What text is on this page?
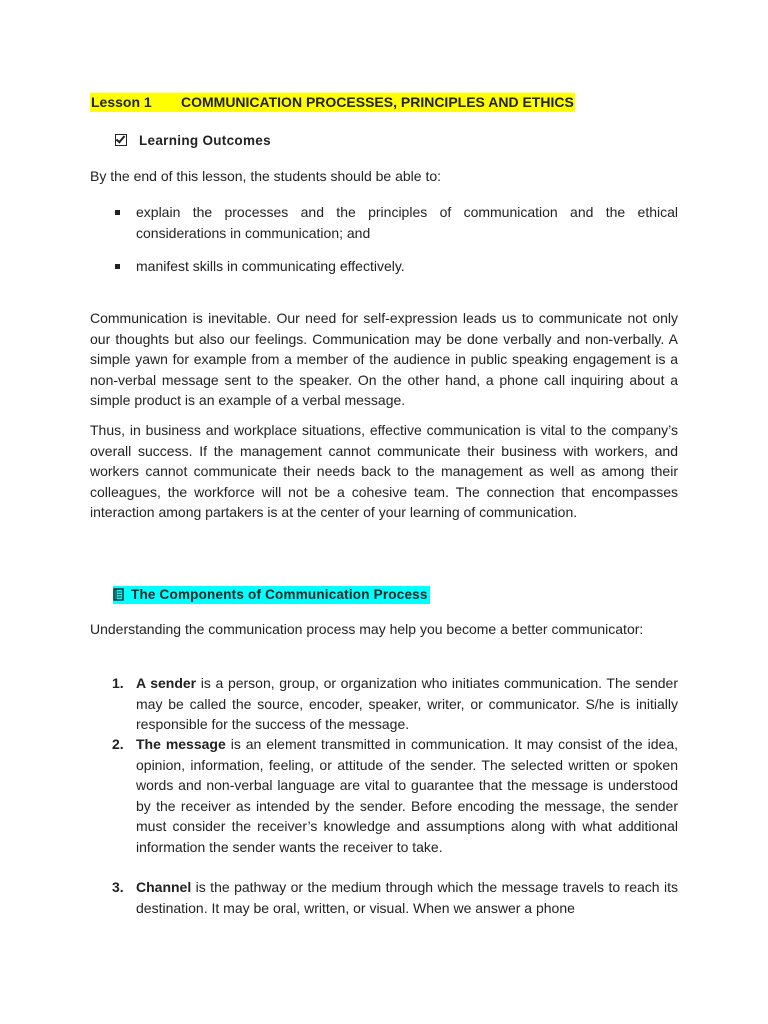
Lesson 1 COMMUNICATION PROCESSES, PRINCIPLES AND ETHICS
Learning Outcomes
By the end of this lesson, the students should be able to:
explain the processes and the principles of communication and the ethical considerations in communication; and
manifest skills in communicating effectively.
Communication is inevitable. Our need for self-expression leads us to communicate not only our thoughts but also our feelings. Communication may be done verbally and non-verbally. A simple yawn for example from a member of the audience in public speaking engagement is a non-verbal message sent to the speaker. On the other hand, a phone call inquiring about a simple product is an example of a verbal message.
Thus, in business and workplace situations, effective communication is vital to the company’s overall success. If the management cannot communicate their business with workers, and workers cannot communicate their needs back to the management as well as among their colleagues, the workforce will not be a cohesive team. The connection that encompasses interaction among partakers is at the center of your learning of communication.
The Components of Communication Process
Understanding the communication process may help you become a better communicator:
1. A sender is a person, group, or organization who initiates communication. The sender may be called the source, encoder, speaker, writer, or communicator. S/he is initially responsible for the success of the message.
2. The message is an element transmitted in communication. It may consist of the idea, opinion, information, feeling, or attitude of the sender. The selected written or spoken words and non-verbal language are vital to guarantee that the message is understood by the receiver as intended by the sender. Before encoding the message, the sender must consider the receiver’s knowledge and assumptions along with what additional information the sender wants the receiver to take.
3. Channel is the pathway or the medium through which the message travels to reach its destination. It may be oral, written, or visual. When we answer a phone
